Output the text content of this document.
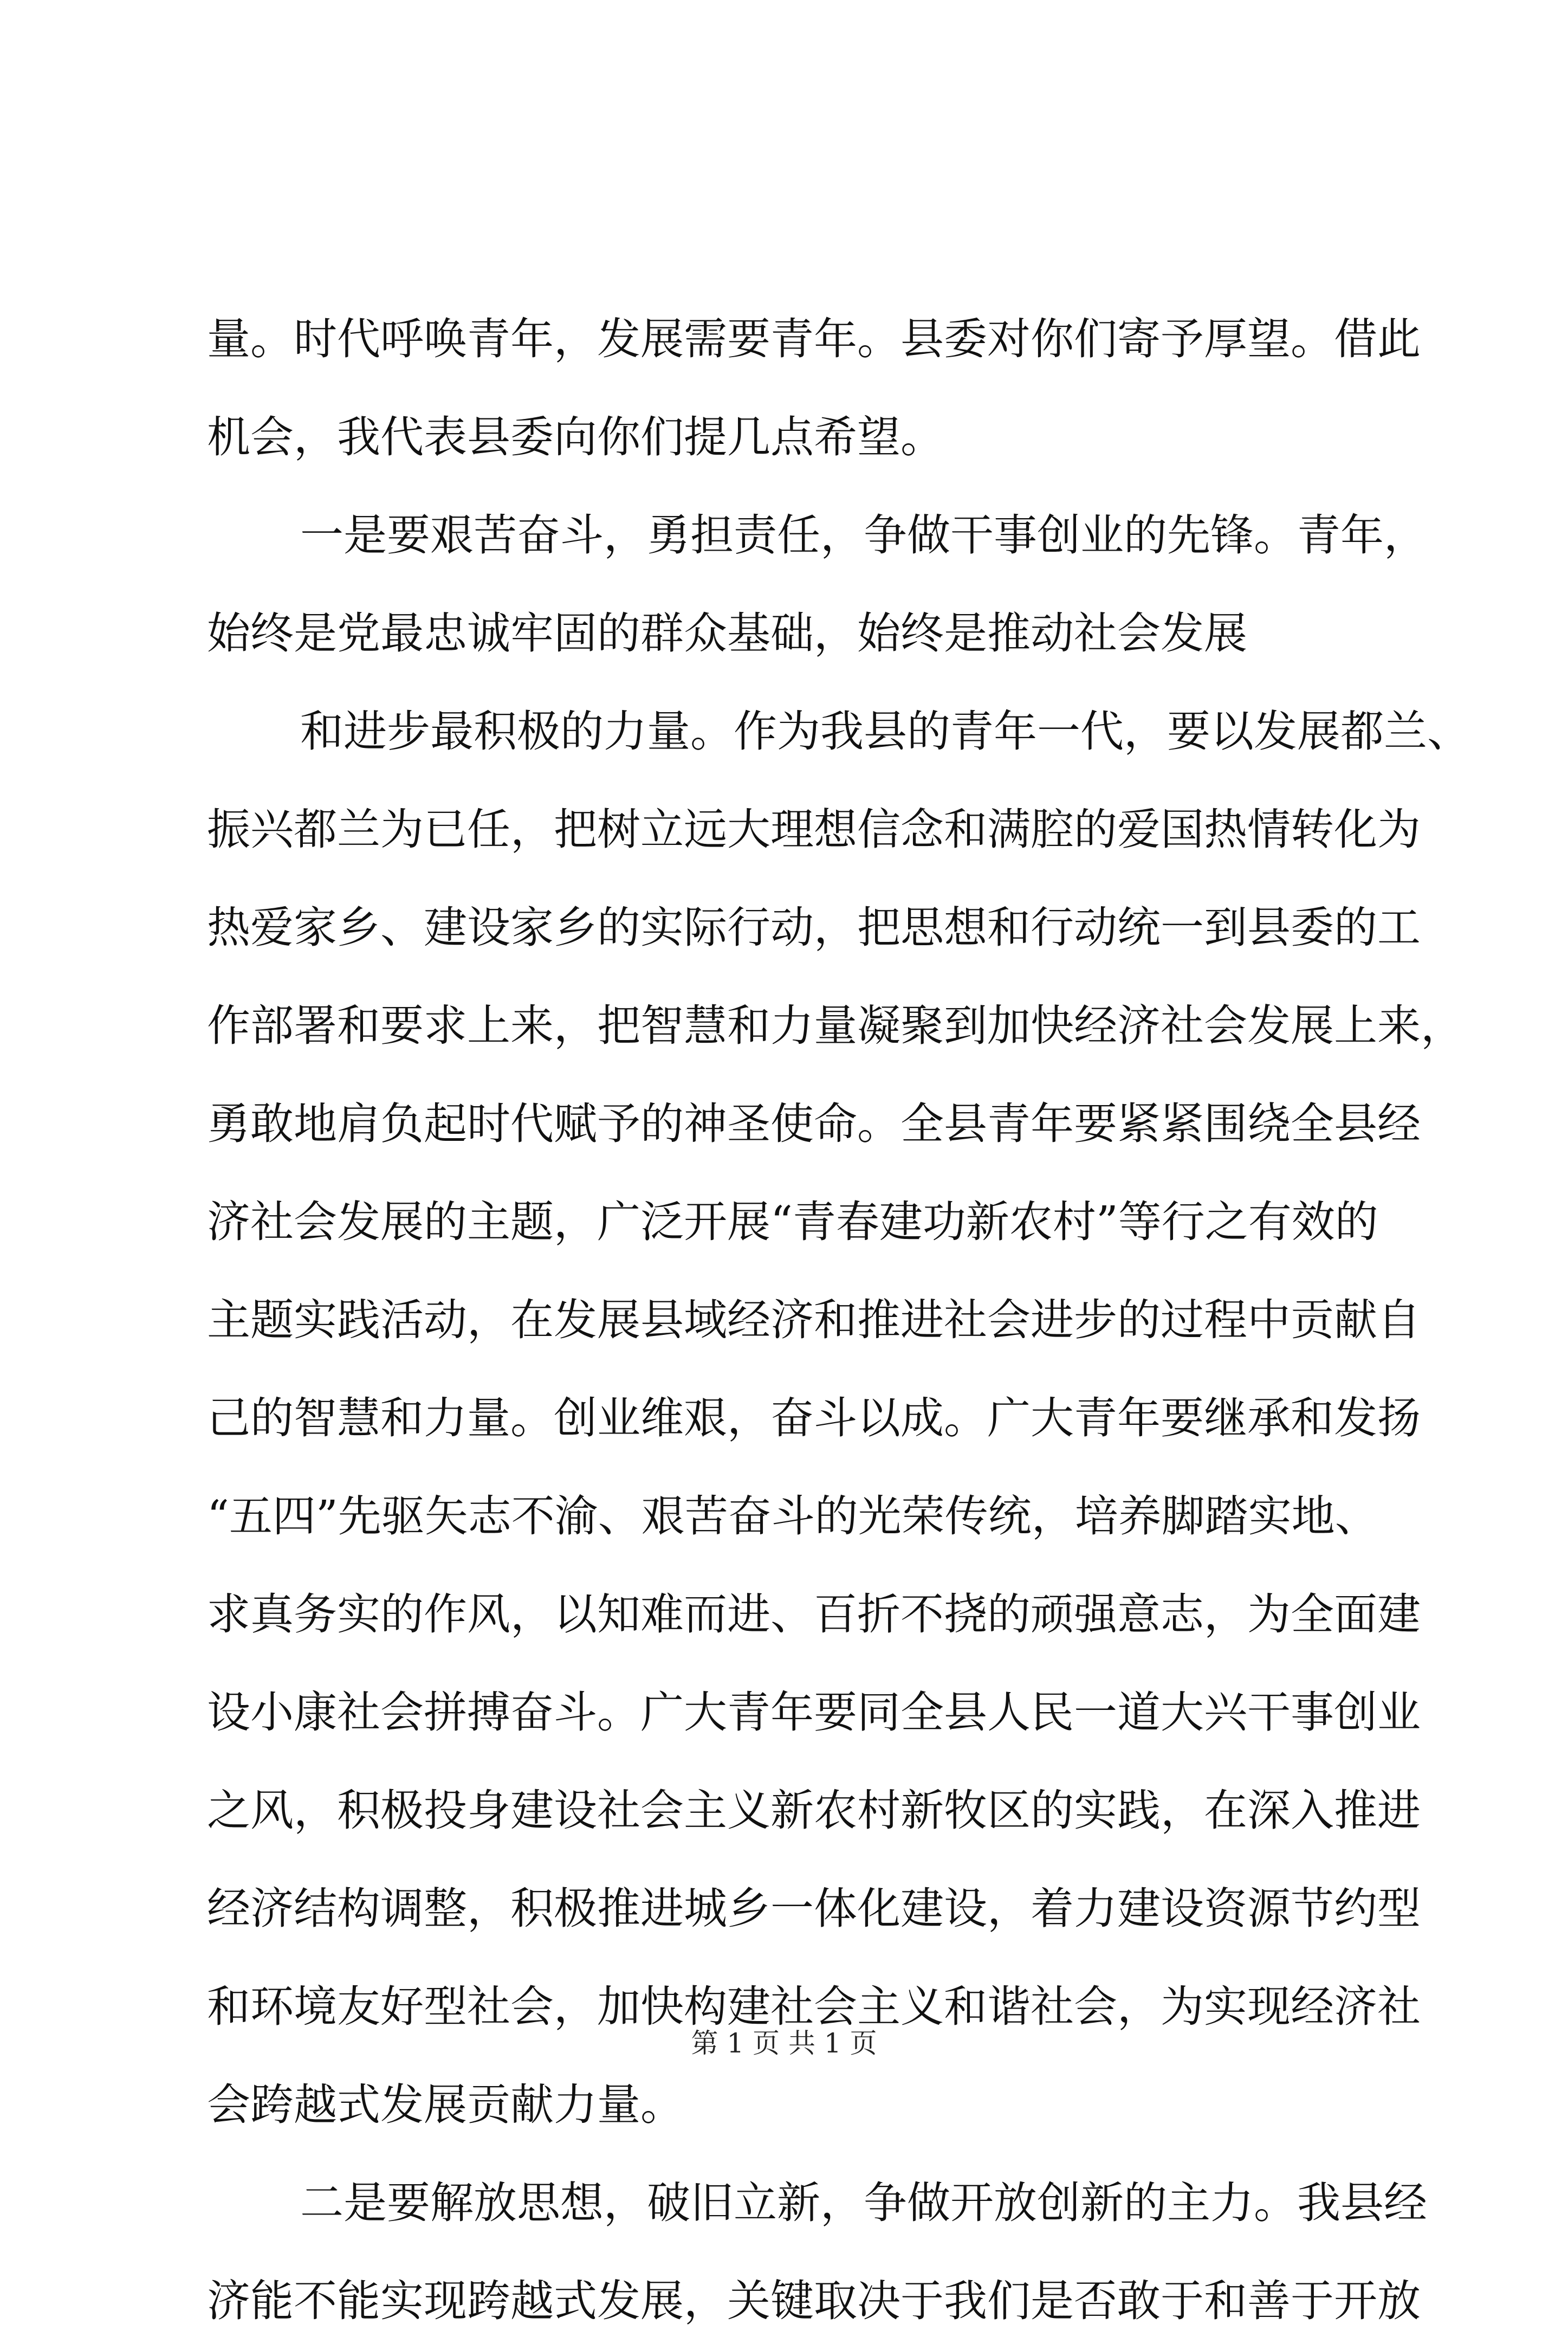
量。时代呼唤青年，发展需要青年。县委对你们寄予厚望。借此
机会，我代表县委向你们提几点希望。
一是要艰苦奋斗，勇担责任，争做干事创业的先锋。青年，
始终是党最忠诚牢固的群众基础，始终是推动社会发展
和进步最积极的力量。作为我县的青年一代，要以发展都兰、
振兴都兰为已任，把树立远大理想信念和满腔的爱国热情转化为
热爱家乡、建设家乡的实际行动，把思想和行动统一到县委的工
作部署和要求上来，把智慧和力量凝聚到加快经济社会发展上来，
勇敢地肩负起时代赋予的神圣使命。全县青年要紧紧围绕全县经
济社会发展的主题，广泛开展“青春建功新农村”等行之有效的
主题实践活动，在发展县域经济和推进社会进步的过程中贡献自
己的智慧和力量。创业维艰，奋斗以成。广大青年要继承和发扬
“五四”先驱矢志不渝、艰苦奋斗的光荣传统，培养脚踏实地、
求真务实的作风，以知难而进、百折不挠的顽强意志，为全面建
设小康社会拼搏奋斗。广大青年要同全县人民一道大兴干事创业
之风，积极投身建设社会主义新农村新牧区的实践，在深入推进
经济结构调整，积极推进城乡一体化建设，着力建设资源节约型
和环境友好型社会，加快构建社会主义和谐社会，为实现经济社
会跨越式发展贡献力量。
二是要解放思想，破旧立新，争做开放创新的主力。我县经
济能不能实现跨越式发展，关键取决于我们是否敢于和善于开放
第 1 页 共 1 页
